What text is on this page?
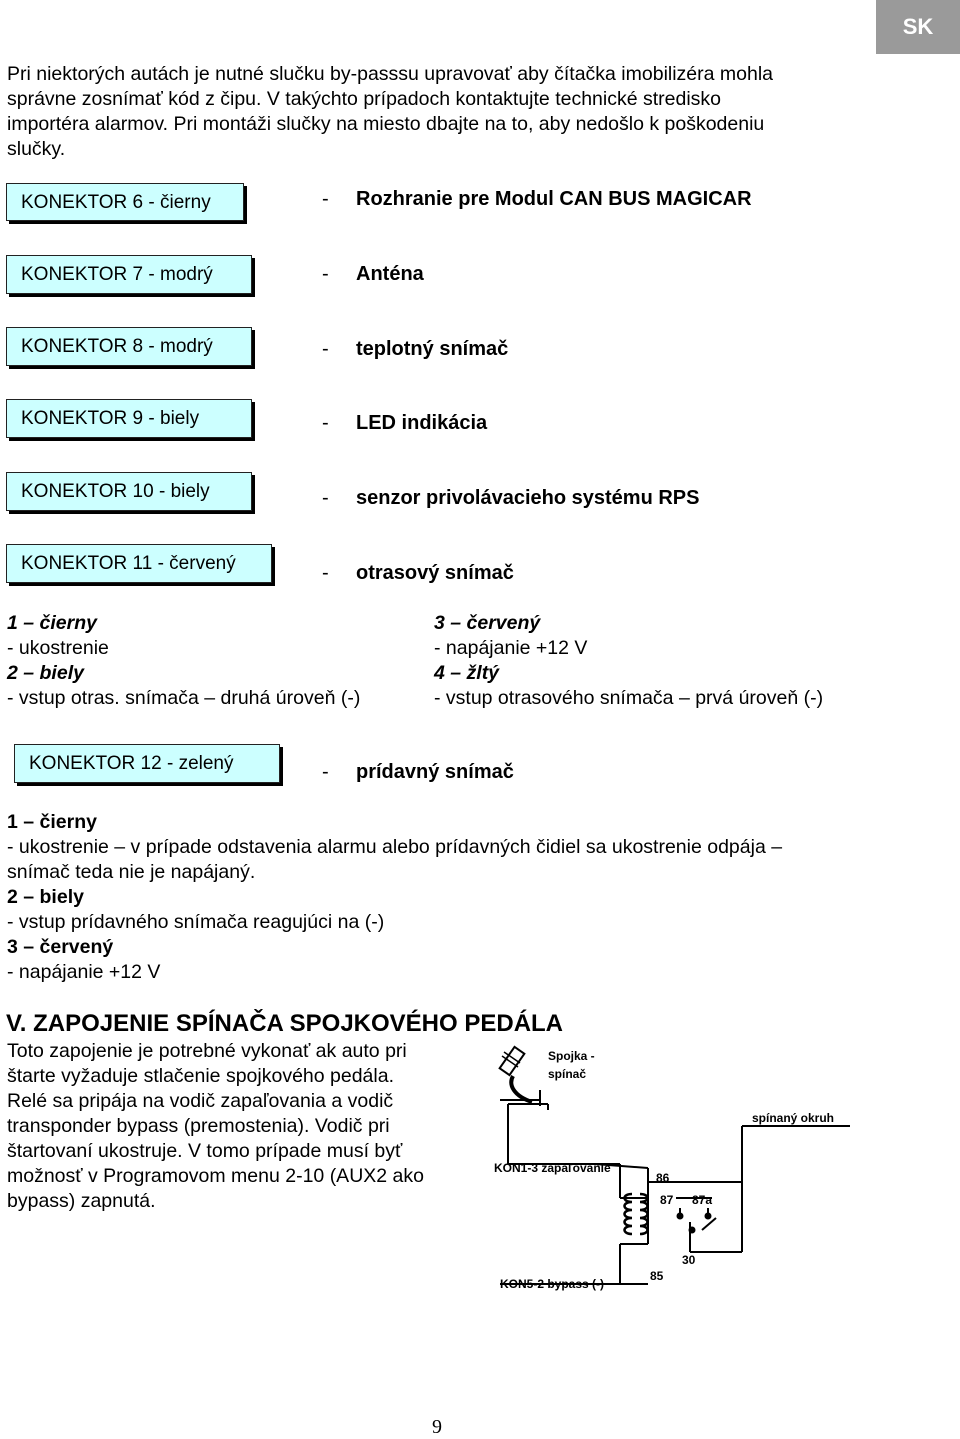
SK
Pri niektorých autách je nutné slučku by-passsu upravovať aby čítačka imobilizéra mohla
správne zosnímať kód z čipu. V takýchto prípadoch kontaktujte technické stredisko
importéra alarmov. Pri montáži slučky na miesto dbajte na to, aby nedošlo k poškodeniu
slučky.
KONEKTOR 6 - čierny	- Rozhranie pre Modul CAN BUS MAGICAR
KONEKTOR 7 - modrý	- Anténa
KONEKTOR 8 - modrý	- teplotný snímač
KONEKTOR 9 - biely	- LED indikácia
KONEKTOR 10 - biely	- senzor privolávacieho systému RPS
KONEKTOR 11 - červený	- otrasový snímač
1 – čierny
- ukostrenie
2 – biely
- vstup otras. snímača – druhá úroveň (-)
3 – červený
- napájanie +12 V
4 – žltý
- vstup otrasového snímača – prvá úroveň (-)
KONEKTOR 12 - zelený	- prídavný snímač
1 – čierny
- ukostrenie – v prípade odstavenia alarmu alebo prídavných čidiel sa ukostrenie odpája –
snímač teda nie je napájaný.
2 – biely
- vstup prídavného snímača reagujúci na (-)
3 – červený
- napájanie +12 V
V. ZAPOJENIE SPÍNAČA SPOJKOVÉHO PEDÁLA
Toto zapojenie je potrebné vykonať ak auto pri
štarte vyžaduje stlačenie spojkového pedála.
Relé sa pripája na vodič zapaľovania a vodič
transponder bypass (premostenia). Vodič pri
štartovaní ukostruje. V tomo prípade musí byť
možnosť v Programovom menu 2-10 (AUX2 ako
bypass) zapnutá.
Spojka -
spínač
spínaný okruh
KON1-3 zapaľovanie
KON5-2 bypass (-)
86
87 87a
30
85
9
